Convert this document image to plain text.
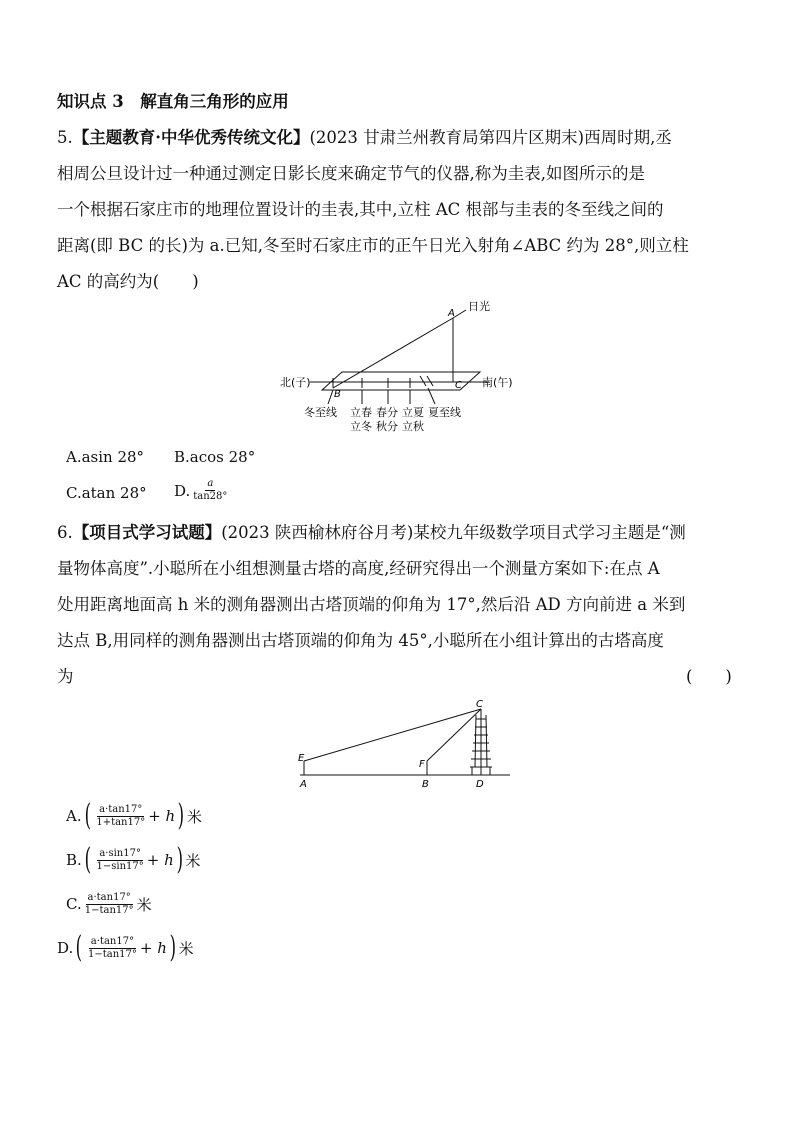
知识点 3　解直角三角形的应用
5.【主题教育·中华优秀传统文化】(2023 甘肃兰州教育局第四片区期末)西周时期,丞
相周公旦设计过一种通过测定日影长度来确定节气的仪器,称为圭表,如图所示的是
一个根据石家庄市的地理位置设计的圭表,其中,立柱 AC 根部与圭表的冬至线之间的
距离(即 BC 的长)为 a.已知,冬至时石家庄市的正午日光入射角∠ABC 约为 28°,则立柱
AC 的高约为(　　)
A
日光
B
C
北(子)	南(午)
冬至线 立春 春分 立夏 夏至线
立冬 秋分 立秋
A.asin 28° B.acos 28°
C.atan 28° D. $\frac{a}{\tan 28^\circ}$
6.【项目式学习试题】(2023 陕西榆林府谷月考)某校九年级数学项目式学习主题是“测
量物体高度”.小聪所在小组想测量古塔的高度,经研究得出一个测量方案如下:在点 A
处用距离地面高 h 米的测角器测出古塔顶端的仰角为 17°,然后沿 AD 方向前进 a 米到
达点 B,用同样的测角器测出古塔顶端的仰角为 45°,小聪所在小组计算出的古塔高度
为	(　　)
C
E
F
A	B	D
A. ( $\frac{a\cdot\tan 17^\circ}{1+\tan 17^\circ} + h$ ) 米
B. ( $\frac{a\cdot\sin 17^\circ}{1-\sin 17^\circ} + h$ ) 米
C. $\frac{a\cdot\tan 17^\circ}{1-\tan 17^\circ}$ 米
D. ( $\frac{a\cdot\tan 17^\circ}{1-\tan 17^\circ} + h$ ) 米
